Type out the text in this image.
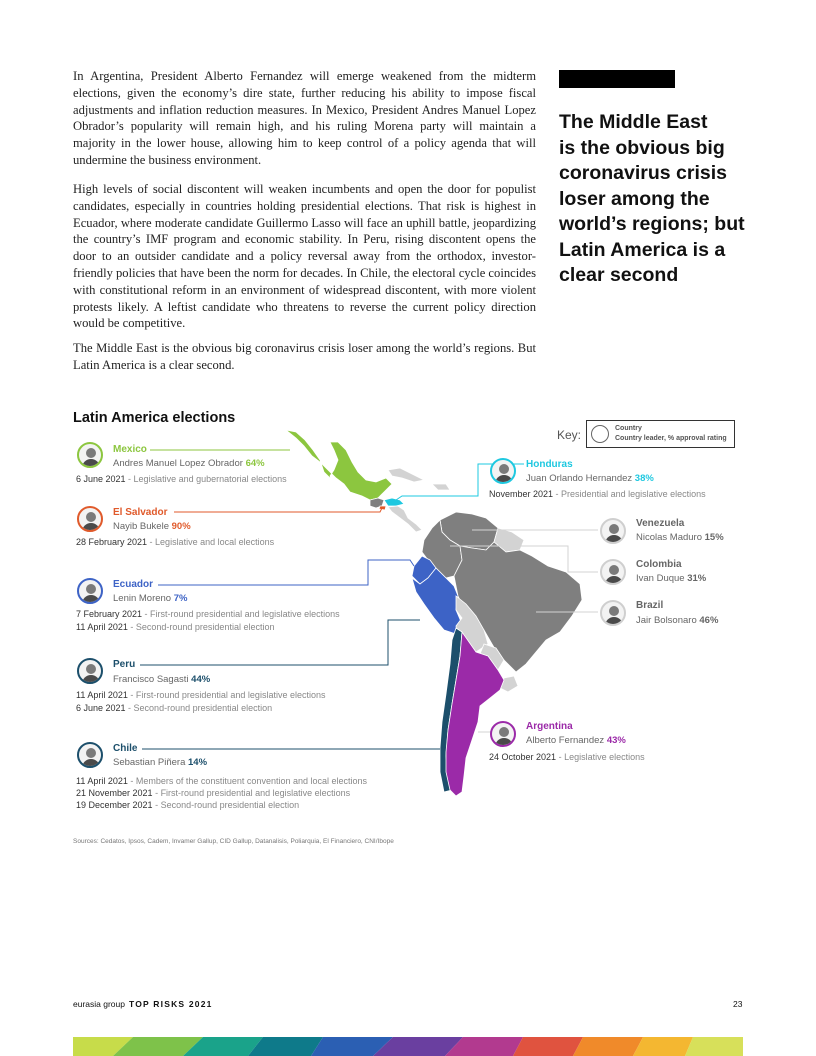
In Argentina, President Alberto Fernandez will emerge weakened from the midterm elections, given the economy’s dire state, further reducing his ability to impose fiscal adjustments and inflation reduction measures. In Mexico, President Andres Manuel Lopez Obrador’s popularity will remain high, and his ruling Morena party will maintain a majority in the lower house, allowing him to keep control of a policy agenda that will undermine the business environment.

High levels of social discontent will weaken incumbents and open the door for populist candidates, especially in countries holding presidential elections. That risk is highest in Ecuador, where moderate candidate Guillermo Lasso will face an uphill battle, jeopardizing the country’s IMF program and economic stability. In Peru, rising discontent opens the door to an outsider candidate and a policy reversal away from the orthodox, investor-friendly policies that have been the norm for decades. In Chile, the electoral cycle coincides with constitutional reform in an environment of widespread discontent, with more violent protests likely. A leftist candidate who threatens to reverse the current policy direction would be competitive.

The Middle East is the obvious big coronavirus crisis loser among the world’s regions. But Latin America is a clear second.

The Middle East
is the obvious big
coronavirus crisis
loser among the
world’s regions; but
Latin America is a
clear second
Latin America elections
Key:	Country
Country leader, % approval rating
Mexico
Andres Manuel Lopez Obrador 64%
6 June 2021 - Legislative and gubernatorial elections
Honduras
Juan Orlando Hernandez 38%
November 2021 - Presidential and legislative elections
El Salvador
Nayib Bukele 90%
28 February 2021 - Legislative and local elections
Venezuela
Nicolas Maduro 15%
Colombia
Ivan Duque 31%
Brazil
Jair Bolsonaro 46%
Ecuador
Lenin Moreno 7%
7 February 2021 - First-round presidential and legislative elections
11 April 2021 - Second-round presidential election
Peru
Francisco Sagasti 44%
11 April 2021 - First-round presidential and legislative elections
6 June 2021 - Second-round presidential election
Argentina
Alberto Fernandez 43%
24 October 2021 - Legislative elections
Chile
Sebastian Piñera 14%
11 April 2021 - Members of the constituent convention and local elections
21 November 2021 - First-round presidential and legislative elections
19 December 2021 - Second-round presidential election
Sources: Cedatos, Ipsos, Cadem, Invamer Gallup, CID Gallup, Datanalisis, Poliarquia, El Financiero, CNI/Ibope
eurasia group TOP RISKS 2021	23
